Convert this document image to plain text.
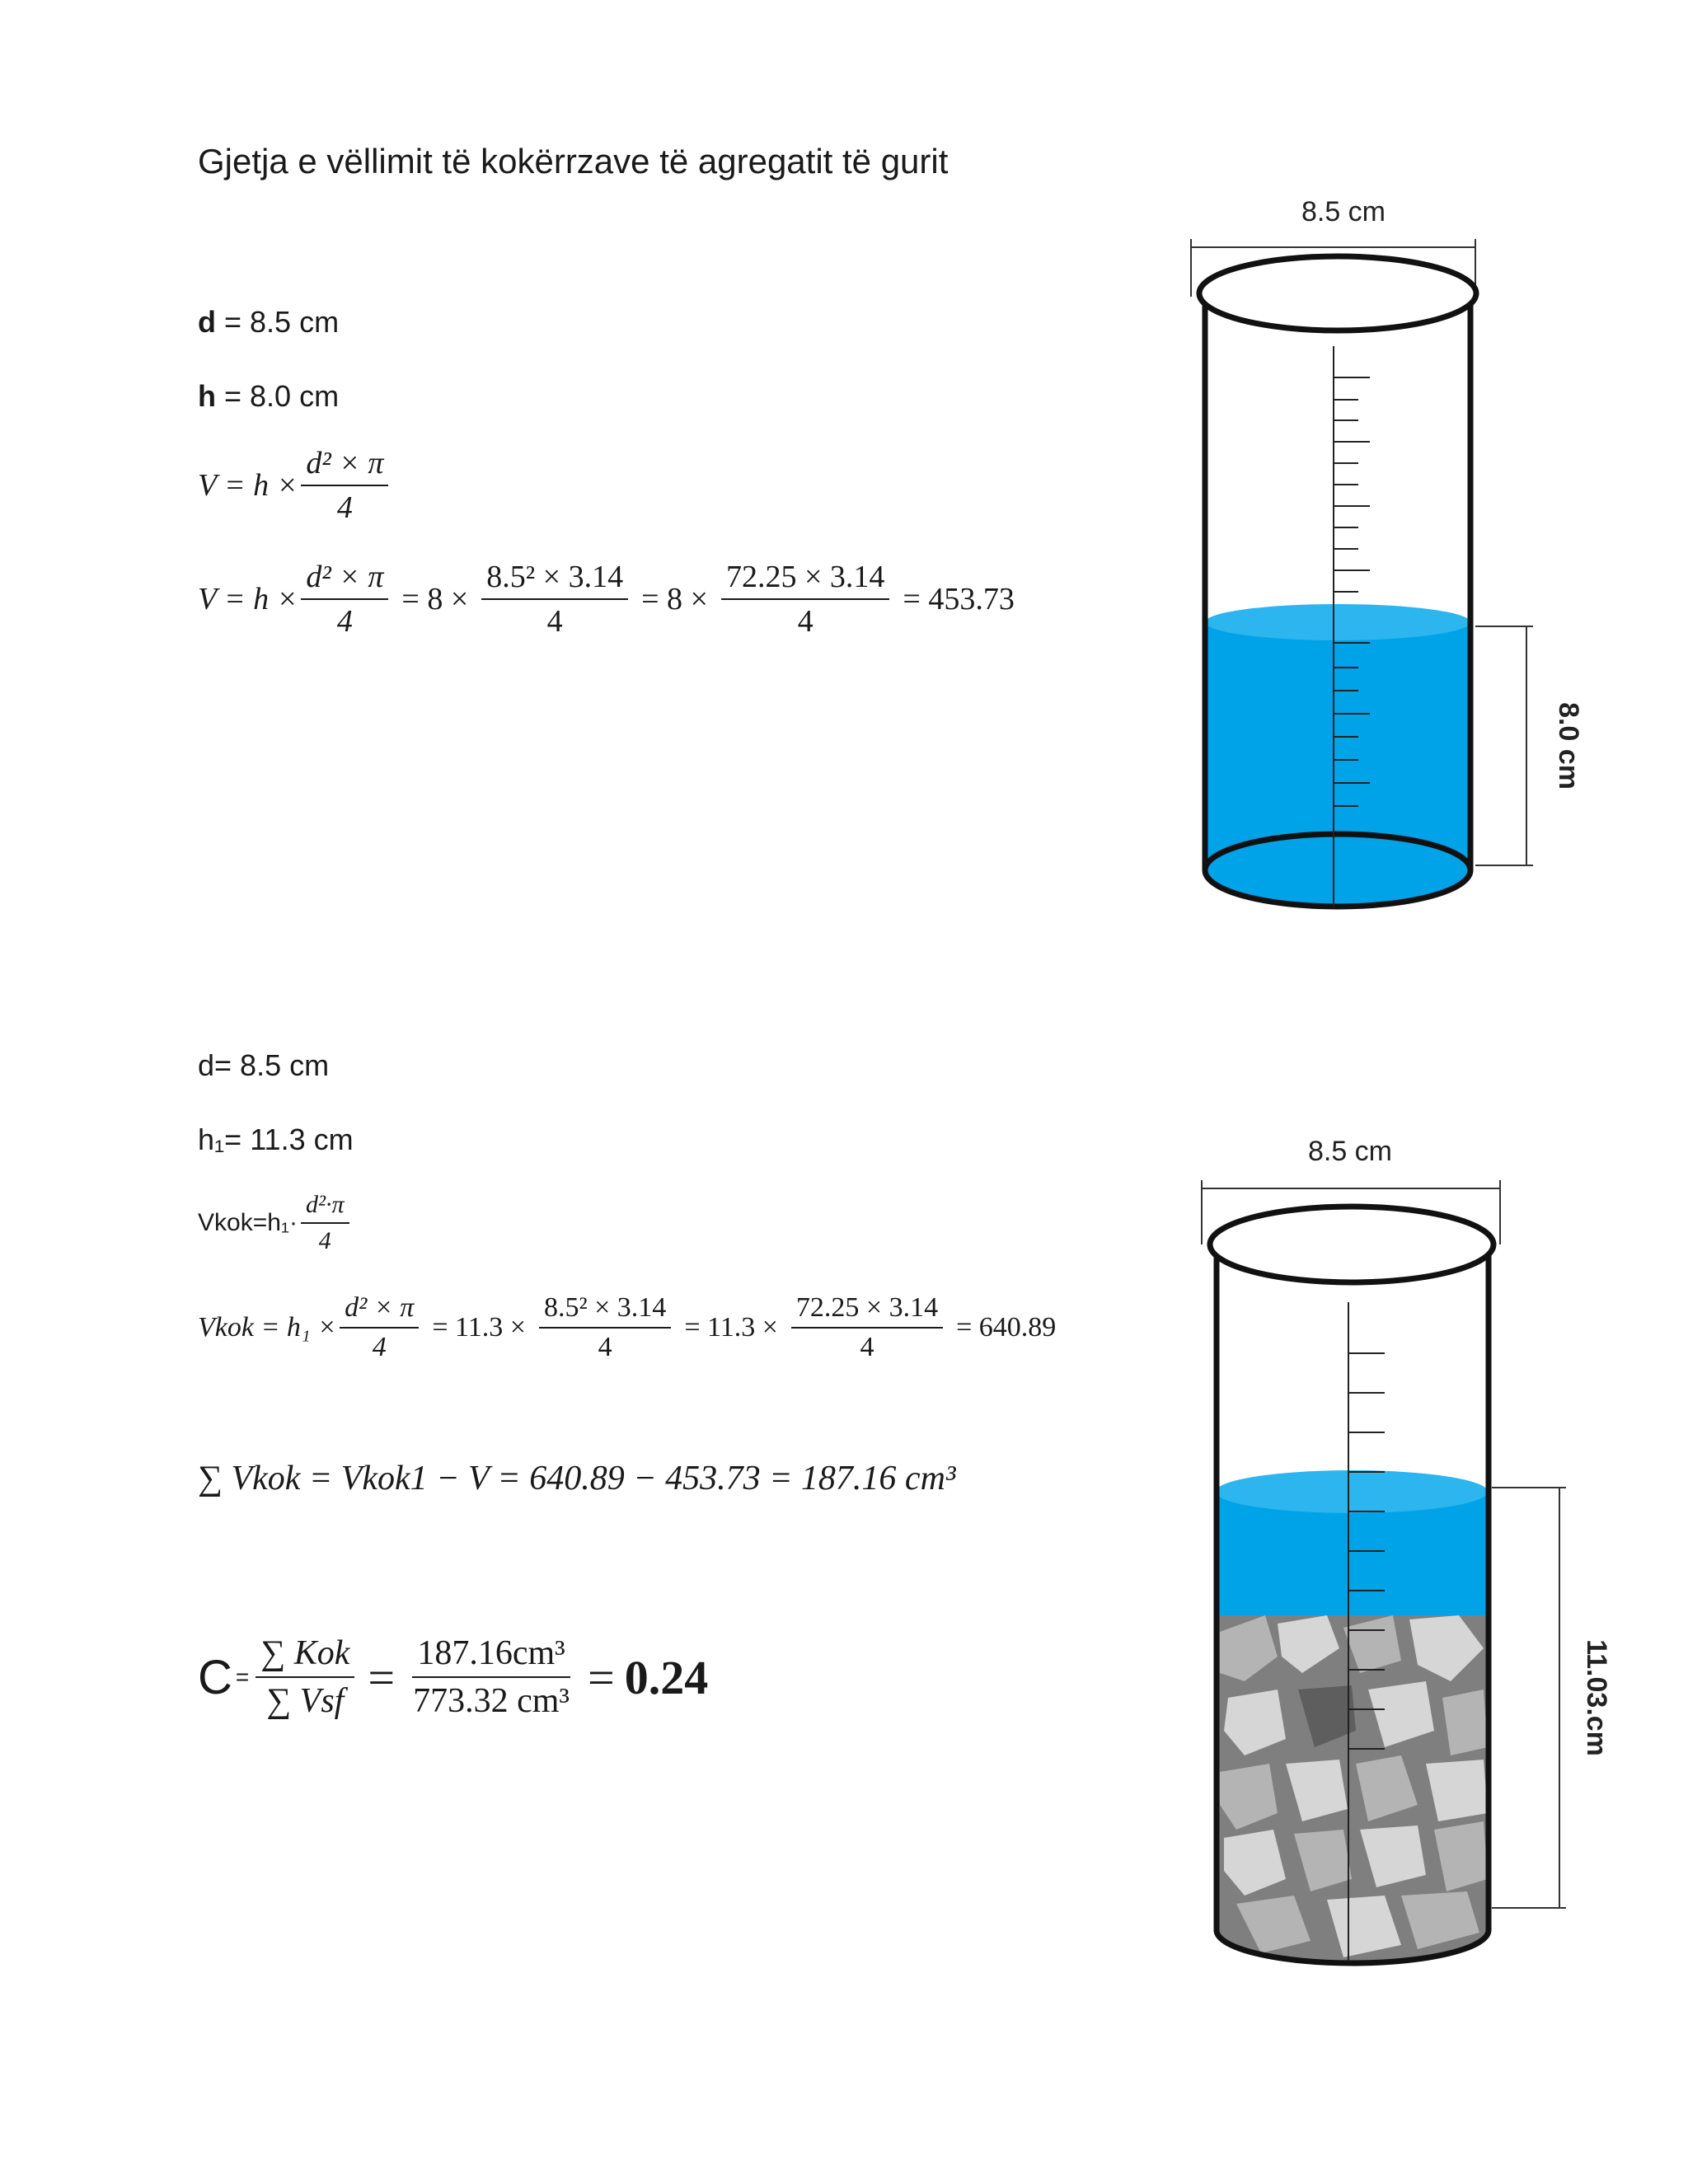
Gjetja e vëllimit të kokërrzave të agregatit të gurit
d = 8.5 cm
h = 8.0 cm
$V = h \times \frac{\text{d² × π}}{4}$
$V = h \times \frac{\text{d² × π}}{4} = 8 \times \frac{\text{8.5² × 3.14}}{4} = 8 \times \frac{72.25 \times 3.14}{4} = 453.73$
d= 8.5 cm
h₁= 11.3 cm
Vkok=h₁· $\frac{\text{d²·π}}{4}$
Vkok = $h_1 \times \frac{\text{d² × π}}{4} = 11.3 \times \frac{\text{8.5² × 3.14}}{4} = 11.3 \times \frac{72.25 \times 3.14}{4} = 640.89$
∑ Vkok = Vkok1 − V = 640.89 − 453.73 = 187.16 cm³
$C = \frac{\text{∑ Kok}}{\text{∑ Vsf}} = \frac{\text{187.16cm³}}{\text{773.32 cm³}} = 0.24$
8.5 cm
8.0 cm
8.5 cm
11.03.cm
